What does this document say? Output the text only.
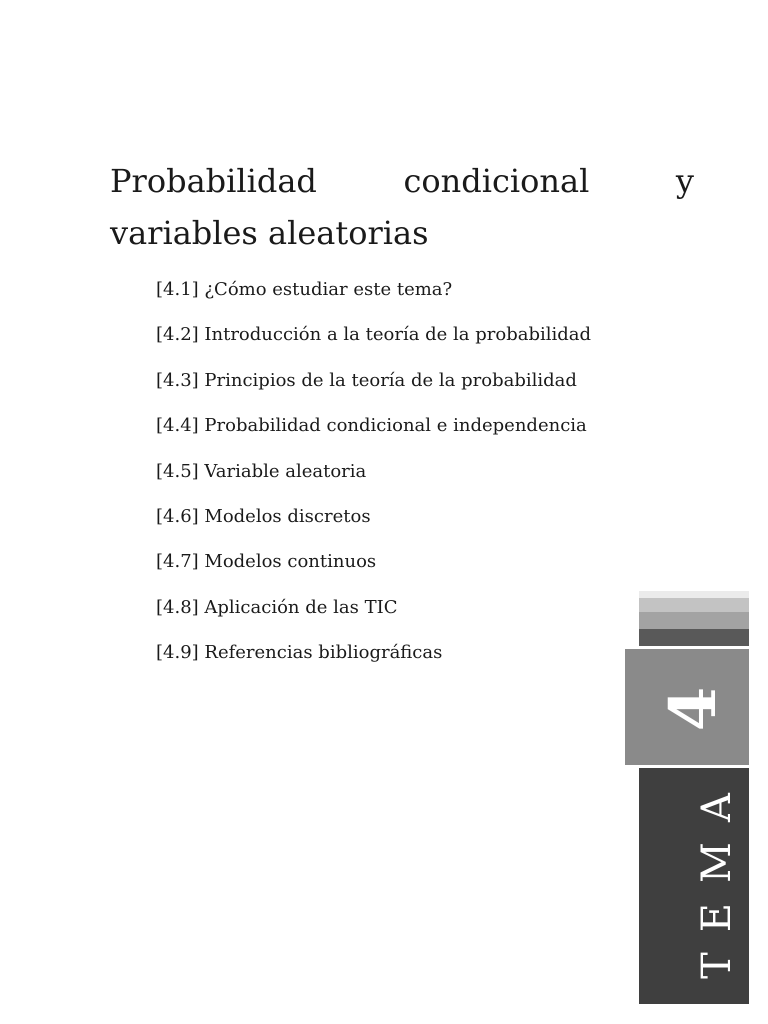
Probabilidad condicional y variables aleatorias
[4.1] ¿Cómo estudiar este tema?
[4.2] Introducción a la teoría de la probabilidad
[4.3] Principios de la teoría de la probabilidad
[4.4] Probabilidad condicional e independencia
[4.5] Variable aleatoria
[4.6] Modelos discretos
[4.7] Modelos continuos
[4.8] Aplicación de las TIC
[4.9] Referencias bibliográficas
4
TEMA
